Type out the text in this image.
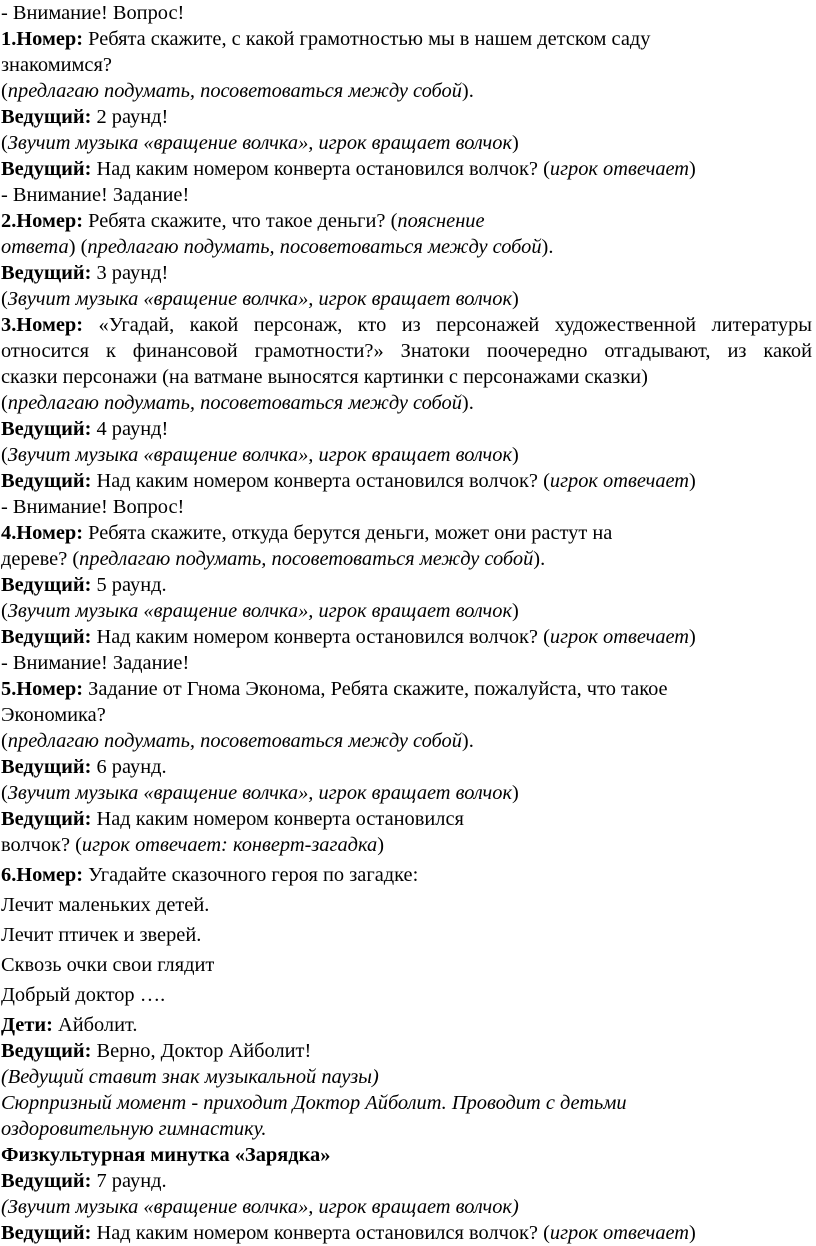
- Внимание! Вопрос!
1.Номер: Ребята скажите, с какой грамотностью мы в нашем детском саду
знакомимся?
(предлагаю подумать, посоветоваться между собой).
Ведущий: 2 раунд!
(Звучит музыка «вращение волчка», игрок вращает волчок)
Ведущий: Над каким номером конверта остановился волчок? (игрок отвечает)
- Внимание! Задание!
2.Номер: Ребята скажите, что такое деньги? (пояснение
ответа) (предлагаю подумать, посоветоваться между собой).
Ведущий: 3 раунд!
(Звучит музыка «вращение волчка», игрок вращает волчок)
3.Номер: «Угадай, какой персонаж, кто из персонажей художественной литературы
относится к финансовой грамотности?» Знатоки поочередно отгадывают, из какой
сказки персонажи (на ватмане выносятся картинки с персонажами сказки)
(предлагаю подумать, посоветоваться между собой).
Ведущий: 4 раунд!
(Звучит музыка «вращение волчка», игрок вращает волчок)
Ведущий: Над каким номером конверта остановился волчок? (игрок отвечает)
- Внимание! Вопрос!
4.Номер: Ребята скажите, откуда берутся деньги, может они растут на
дереве? (предлагаю подумать, посоветоваться между собой).
Ведущий: 5 раунд.
(Звучит музыка «вращение волчка», игрок вращает волчок)
Ведущий: Над каким номером конверта остановился волчок? (игрок отвечает)
- Внимание! Задание!
5.Номер: Задание от Гнома Эконома, Ребята скажите, пожалуйста, что такое
Экономика?
(предлагаю подумать, посоветоваться между собой).
Ведущий: 6 раунд.
(Звучит музыка «вращение волчка», игрок вращает волчок)
Ведущий: Над каким номером конверта остановился
волчок? (игрок отвечает: конверт-загадка)
6.Номер: Угадайте сказочного героя по загадке:
Лечит маленьких детей.
Лечит птичек и зверей.
Сквозь очки свои глядит
Добрый доктор ….
Дети: Айболит.
Ведущий: Верно, Доктор Айболит!
(Ведущий ставит знак музыкальной паузы)
Сюрпризный момент - приходит Доктор Айболит. Проводит с детьми
оздоровительную гимнастику.
Физкультурная минутка «Зарядка»
Ведущий: 7 раунд.
(Звучит музыка «вращение волчка», игрок вращает волчок)
Ведущий: Над каким номером конверта остановился волчок? (игрок отвечает)
